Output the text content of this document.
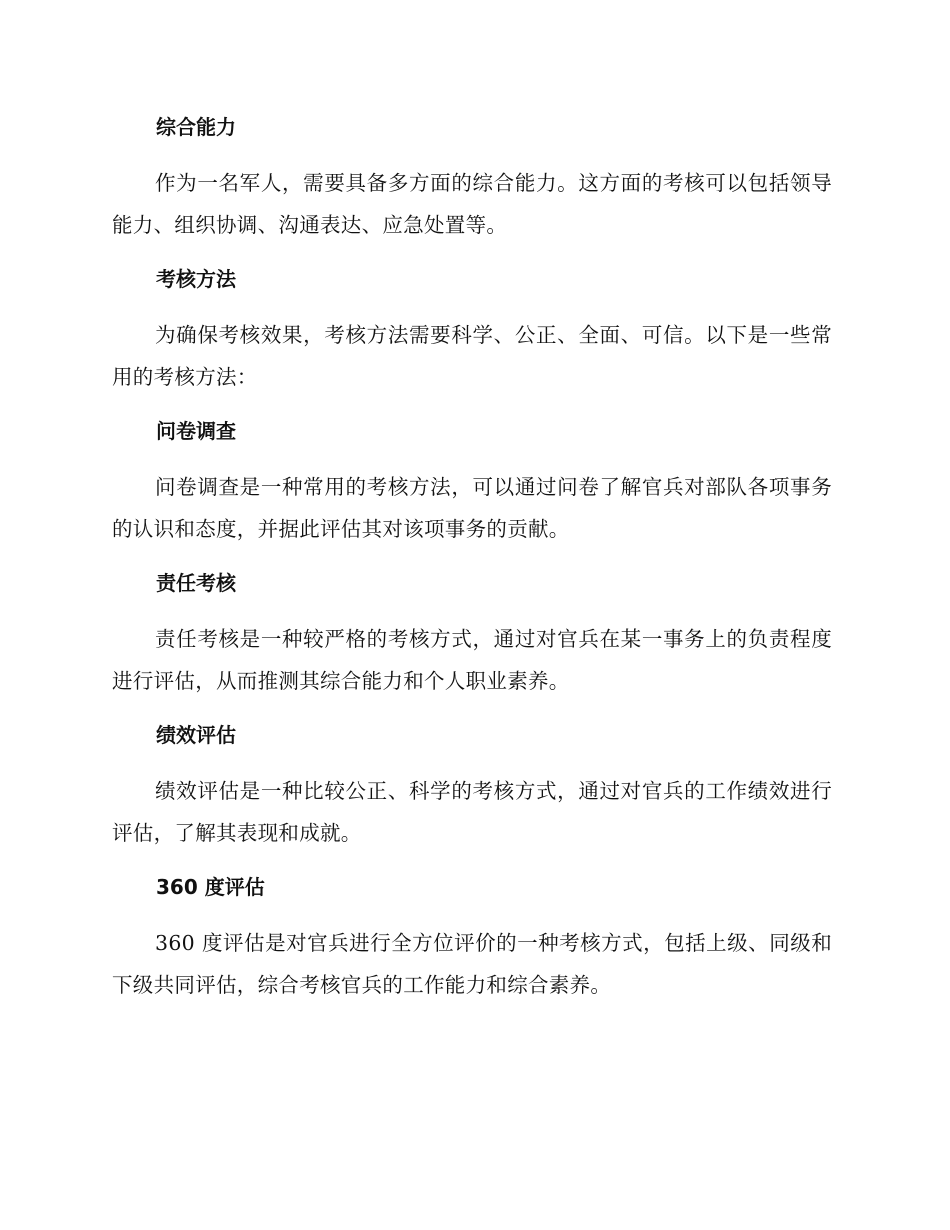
综合能力

作为一名军人，需要具备多方面的综合能力。这方面的考核可以包括领导能力、组织协调、沟通表达、应急处置等。

考核方法

为确保考核效果，考核方法需要科学、公正、全面、可信。以下是一些常用的考核方法：

问卷调查

问卷调查是一种常用的考核方法，可以通过问卷了解官兵对部队各项事务的认识和态度，并据此评估其对该项事务的贡献。

责任考核

责任考核是一种较严格的考核方式，通过对官兵在某一事务上的负责程度进行评估，从而推测其综合能力和个人职业素养。

绩效评估

绩效评估是一种比较公正、科学的考核方式，通过对官兵的工作绩效进行评估，了解其表现和成就。

360 度评估

360 度评估是对官兵进行全方位评价的一种考核方式，包括上级、同级和下级共同评估，综合考核官兵的工作能力和综合素养。
